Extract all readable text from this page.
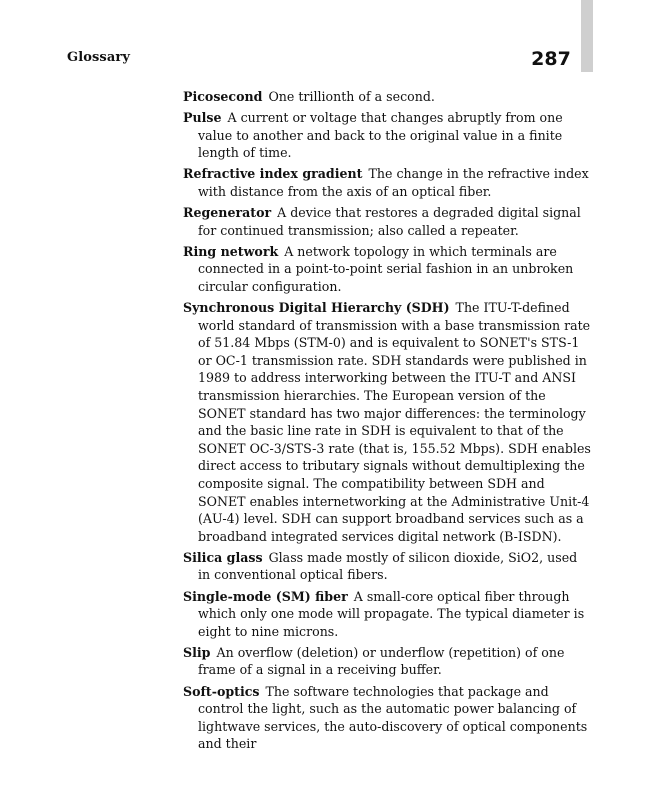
Glossary	287

Picosecond One trillionth of a second.

Pulse A current or voltage that changes abruptly from one value to another and back to the original value in a finite length of time.

Refractive index gradient The change in the refractive index with distance from the axis of an optical fiber.

Regenerator A device that restores a degraded digital signal for continued transmission; also called a repeater.

Ring network A network topology in which terminals are connected in a point-to-point serial fashion in an unbroken circular configuration.

Synchronous Digital Hierarchy (SDH) The ITU-T-defined world standard of transmission with a base transmission rate of 51.84 Mbps (STM-0) and is equivalent to SONET's STS-1 or OC-1 transmission rate. SDH standards were published in 1989 to address interworking between the ITU-T and ANSI transmission hierarchies. The European version of the SONET standard has two major differences: the terminology and the basic line rate in SDH is equivalent to that of the SONET OC-3/STS-3 rate (that is, 155.52 Mbps). SDH enables direct access to tributary signals without demultiplexing the composite signal. The compatibility between SDH and SONET enables internetworking at the Administrative Unit-4 (AU-4) level. SDH can support broadband services such as a broadband integrated services digital network (B-ISDN).

Silica glass Glass made mostly of silicon dioxide, SiO2, used in conventional optical fibers.

Single-mode (SM) fiber A small-core optical fiber through which only one mode will propagate. The typical diameter is eight to nine microns.

Slip An overflow (deletion) or underflow (repetition) of one frame of a signal in a receiving buffer.

Soft-optics The software technologies that package and control the light, such as the automatic power balancing of lightwave services, the auto-discovery of optical components and their
